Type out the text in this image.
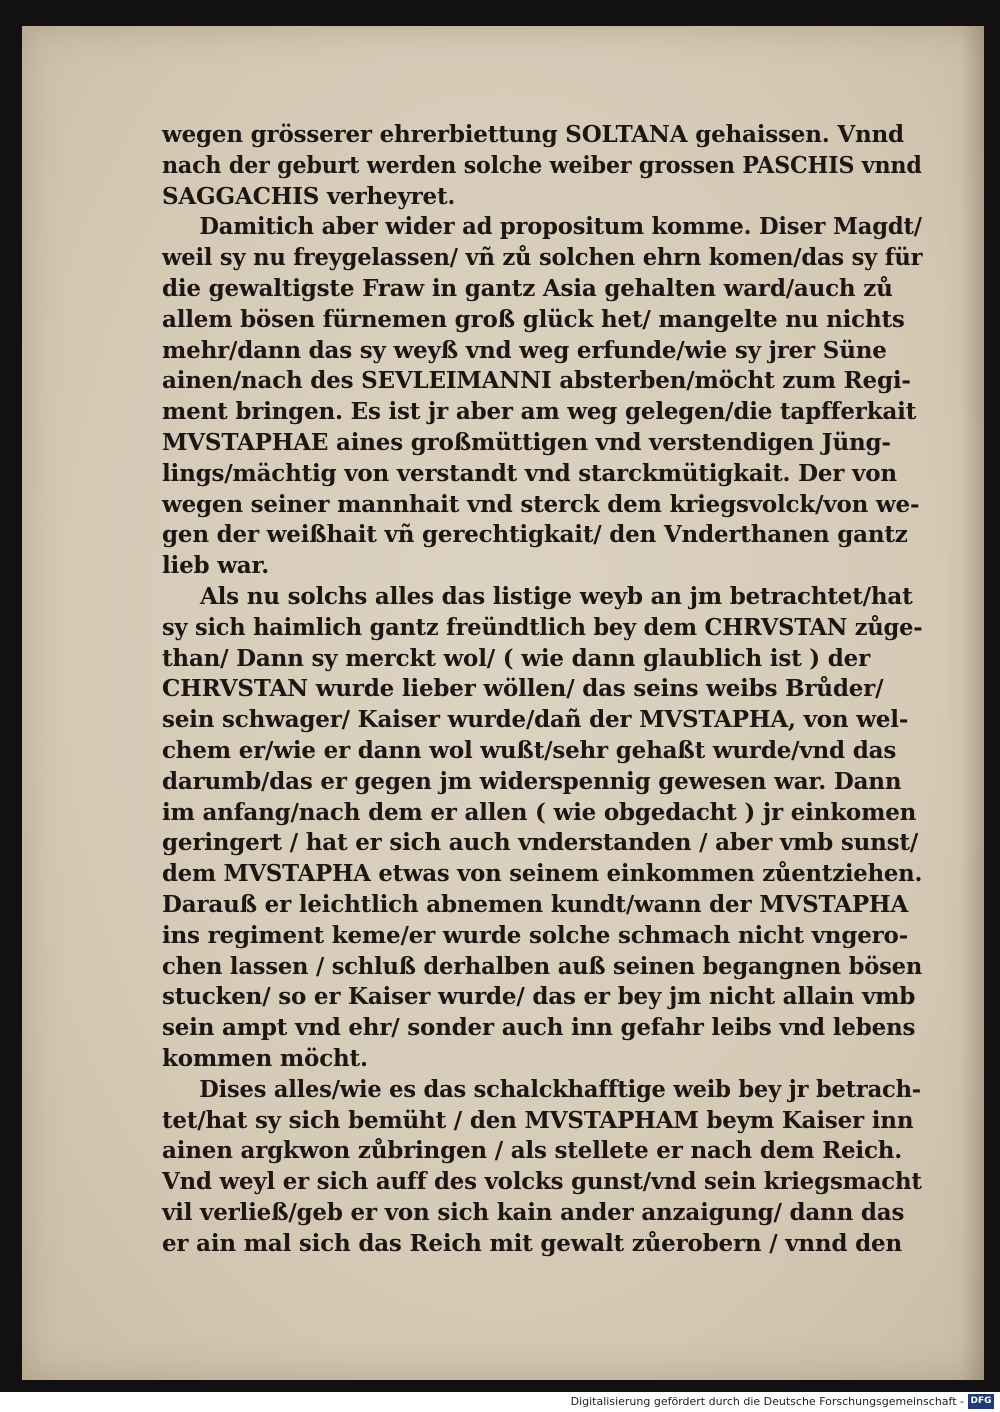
wegen grösserer ehrerbiettung SOLTANA gehaissen. Vnnd
nach der geburt werden solche weiber grossen PASCHIS vnnd
SAGGACHIS verheyret.
Damitich aber wider ad propositum komme. Diser Magdt/
weil sy nu freygelassen/ vñ zů solchen ehrn komen/das sy für
die gewaltigste Fraw in gantz Asia gehalten ward/auch zů
allem bösen fürnemen groß glück het/ mangelte nu nichts
mehr/dann das sy weyß vnd weg erfunde/wie sy jrer Süne
ainen/nach des SEVLEIMANNI absterben/möcht zum Regi-
ment bringen. Es ist jr aber am weg gelegen/die tapfferkait
MVSTAPHAE aines großmüttigen vnd verstendigen Jüng-
lings/mächtig von verstandt vnd starckmütigkait. Der von
wegen seiner mannhait vnd sterck dem kriegsvolck/von we-
gen der weißhait vñ gerechtigkait/ den Vnderthanen gantz
lieb war.
Als nu solchs alles das listige weyb an jm betrachtet/hat
sy sich haimlich gantz freündtlich bey dem CHRVSTAN zůge-
than/ Dann sy merckt wol/ ( wie dann glaublich ist ) der
CHRVSTAN wurde lieber wöllen/ das seins weibs Brůder/
sein schwager/ Kaiser wurde/dañ der MVSTAPHA, von wel-
chem er/wie er dann wol wußt/sehr gehaßt wurde/vnd das
darumb/das er gegen jm widerspennig gewesen war. Dann
im anfang/nach dem er allen ( wie obgedacht ) jr einkomen
geringert / hat er sich auch vnderstanden / aber vmb sunst/
dem MVSTAPHA etwas von seinem einkommen zůentziehen.
Darauß er leichtlich abnemen kundt/wann der MVSTAPHA
ins regiment keme/er wurde solche schmach nicht vngero-
chen lassen / schluß derhalben auß seinen begangnen bösen
stucken/ so er Kaiser wurde/ das er bey jm nicht allain vmb
sein ampt vnd ehr/ sonder auch inn gefahr leibs vnd lebens
kommen möcht.
Dises alles/wie es das schalckhafftige weib bey jr betrach-
tet/hat sy sich bemüht / den MVSTAPHAM beym Kaiser inn
ainen argkwon zůbringen / als stellete er nach dem Reich.
Vnd weyl er sich auff des volcks gunst/vnd sein kriegsmacht
vil verließ/geb er von sich kain ander anzaigung/ dann das
er ain mal sich das Reich mit gewalt zůerobern / vnnd den
Digitalisierung gefördert durch die Deutsche Forschungsgemeinschaft - DFG
